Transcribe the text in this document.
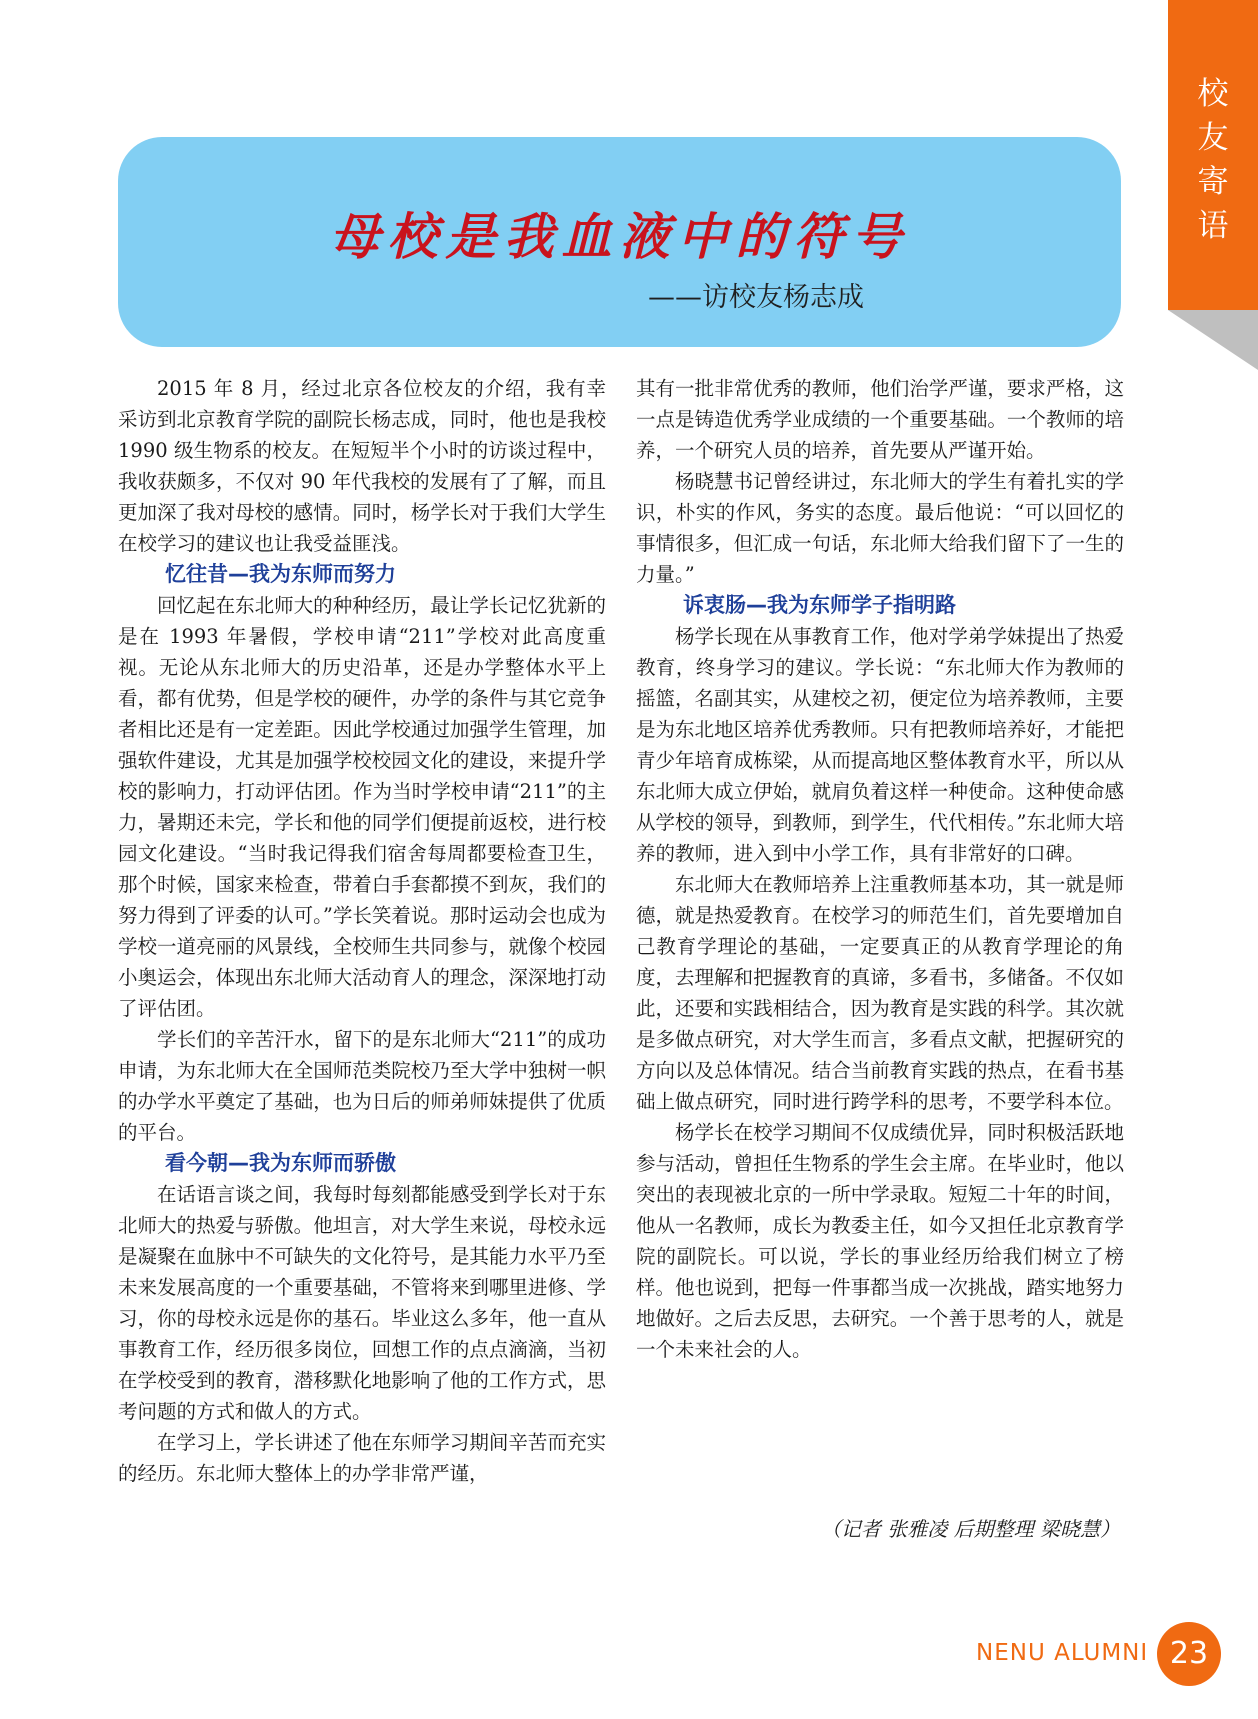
校
友
寄
语
母校是我血液中的符号
——访校友杨志成

2015 年 8 月，经过北京各位校友的介绍，我有幸采访到北京教育学院的副院长杨志成，同时，他也是我校 1990 级生物系的校友。在短短半个小时的访谈过程中，我收获颇多，不仅对 90 年代我校的发展有了了解，而且更加深了我对母校的感情。同时，杨学长对于我们大学生在校学习的建议也让我受益匪浅。

忆往昔—我为东师而努力

回忆起在东北师大的种种经历，最让学长记忆犹新的是在 1993 年暑假，学校申请“211”学校对此高度重视。无论从东北师大的历史沿革，还是办学整体水平上看，都有优势，但是学校的硬件，办学的条件与其它竞争者相比还是有一定差距。因此学校通过加强学生管理，加强软件建设，尤其是加强学校校园文化的建设，来提升学校的影响力，打动评估团。作为当时学校申请“211”的主力，暑期还未完，学长和他的同学们便提前返校，进行校园文化建设。“当时我记得我们宿舍每周都要检查卫生，那个时候，国家来检查，带着白手套都摸不到灰，我们的努力得到了评委的认可。”学长笑着说。那时运动会也成为学校一道亮丽的风景线，全校师生共同参与，就像个校园小奥运会，体现出东北师大活动育人的理念，深深地打动了评估团。

学长们的辛苦汗水，留下的是东北师大“211”的成功申请，为东北师大在全国师范类院校乃至大学中独树一帜的办学水平奠定了基础，也为日后的师弟师妹提供了优质的平台。

看今朝—我为东师而骄傲

在话语言谈之间，我每时每刻都能感受到学长对于东北师大的热爱与骄傲。他坦言，对大学生来说，母校永远是凝聚在血脉中不可缺失的文化符号，是其能力水平乃至未来发展高度的一个重要基础，不管将来到哪里进修、学习，你的母校永远是你的基石。毕业这么多年，他一直从事教育工作，经历很多岗位，回想工作的点点滴滴，当初在学校受到的教育，潜移默化地影响了他的工作方式，思考问题的方式和做人的方式。

在学习上，学长讲述了他在东师学习期间辛苦而充实的经历。东北师大整体上的办学非常严谨，

其有一批非常优秀的教师，他们治学严谨，要求严格，这一点是铸造优秀学业成绩的一个重要基础。一个教师的培养，一个研究人员的培养，首先要从严谨开始。

杨晓慧书记曾经讲过，东北师大的学生有着扎实的学识，朴实的作风，务实的态度。最后他说：“可以回忆的事情很多，但汇成一句话，东北师大给我们留下了一生的力量。”

诉衷肠—我为东师学子指明路

杨学长现在从事教育工作，他对学弟学妹提出了热爱教育，终身学习的建议。学长说：“东北师大作为教师的摇篮，名副其实，从建校之初，便定位为培养教师，主要是为东北地区培养优秀教师。只有把教师培养好，才能把青少年培育成栋梁，从而提高地区整体教育水平，所以从东北师大成立伊始，就肩负着这样一种使命。这种使命感从学校的领导，到教师，到学生，代代相传。”东北师大培养的教师，进入到中小学工作，具有非常好的口碑。

东北师大在教师培养上注重教师基本功，其一就是师德，就是热爱教育。在校学习的师范生们，首先要增加自己教育学理论的基础，一定要真正的从教育学理论的角度，去理解和把握教育的真谛，多看书，多储备。不仅如此，还要和实践相结合，因为教育是实践的科学。其次就是多做点研究，对大学生而言，多看点文献，把握研究的方向以及总体情况。结合当前教育实践的热点，在看书基础上做点研究，同时进行跨学科的思考，不要学科本位。

杨学长在校学习期间不仅成绩优异，同时积极活跃地参与活动，曾担任生物系的学生会主席。在毕业时，他以突出的表现被北京的一所中学录取。短短二十年的时间，他从一名教师，成长为教委主任，如今又担任北京教育学院的副院长。可以说，学长的事业经历给我们树立了榜样。他也说到，把每一件事都当成一次挑战，踏实地努力地做好。之后去反思，去研究。一个善于思考的人，就是一个未来社会的人。

（记者 张雅凌 后期整理 梁晓慧）
NENU ALUMNI 23
